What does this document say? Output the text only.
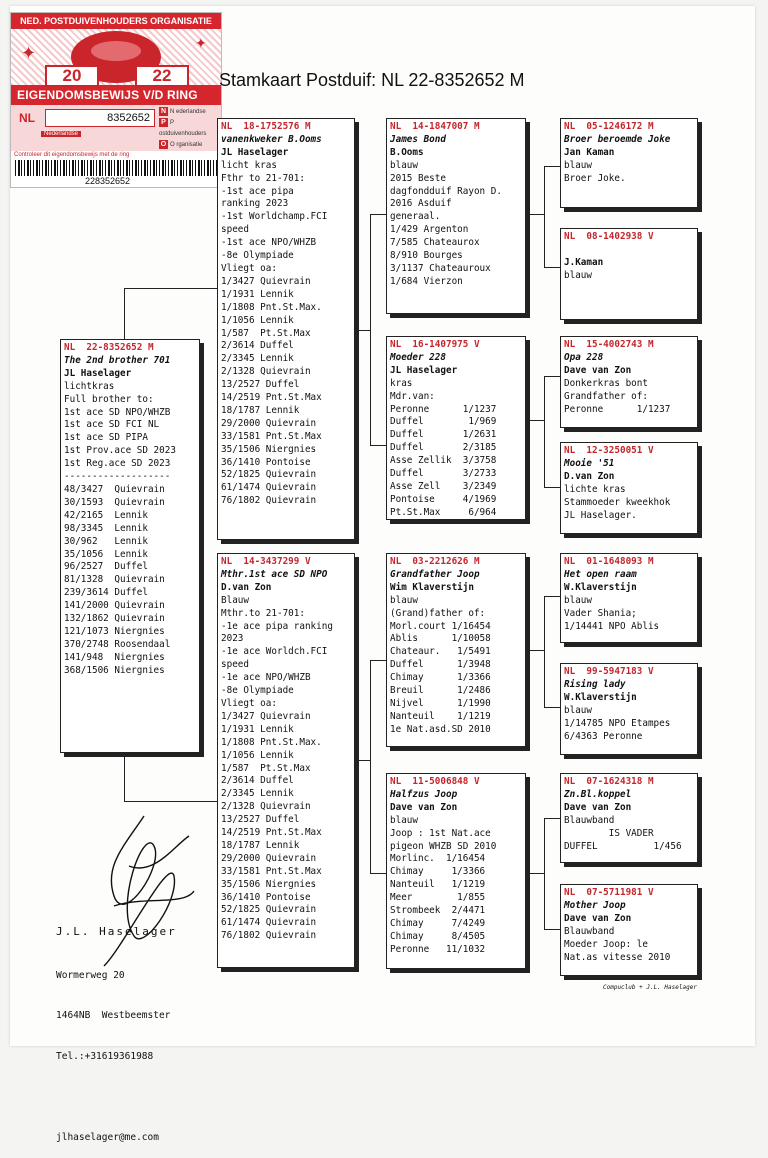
NED. POSTDUIVENHOUDERS ORGANISATIE
✦	✦
20	22
EIGENDOMSBEWIJS V/D RING
NL	8352652
Nederlandse
N N ederlandse
P P ostduivenhouders
O O rganisatie
Controleer dit eigendomsbewijs met de ring
228352652
Stamkaart Postduif: NL 22-8352652 M
NL  22-8352652 M
The 2nd brother 701
JL Haselager
lichtkras
Full brother to:
1st ace SD NPO/WHZB
1st ace SD FCI NL
1st ace SD PIPA
1st Prov.ace SD 2023
1st Reg.ace SD 2023
-------------------
48/3427  Quievrain
30/1593  Quievrain
42/2165  Lennik
98/3345  Lennik
30/962   Lennik
35/1056  Lennik
96/2527  Duffel
81/1328  Quievrain
239/3614 Duffel
141/2000 Quievrain
132/1862 Quievrain
121/1073 Niergnies
370/2748 Roosendaal
141/948  Niergnies
368/1506 Niergnies
NL  18-1752576 M
vanenkweker B.Ooms
JL Haselager
licht kras
Fthr to 21-701:
-1st ace pipa
ranking 2023
-1st Worldchamp.FCI
speed
-1st ace NPO/WHZB
-8e Olympiade
Vliegt oa:
1/3427 Quievrain
1/1931 Lennik
1/1808 Pnt.St.Max.
1/1056 Lennik
1/587  Pt.St.Max
2/3614 Duffel
2/3345 Lennik
2/1328 Quievrain
13/2527 Duffel
14/2519 Pnt.St.Max
18/1787 Lennik
29/2000 Quievrain
33/1581 Pnt.St.Max
35/1506 Niergnies
36/1410 Pontoise
52/1825 Quievrain
61/1474 Quievrain
76/1802 Quievrain
NL  14-3437299 V
Mthr.1st ace SD NPO
D.van Zon
Blauw
Mthr.to 21-701:
-1e ace pipa ranking
2023
-1e ace Worldch.FCI
speed
-1e ace NPO/WHZB
-8e Olympiade
Vliegt oa:
1/3427 Quievrain
1/1931 Lennik
1/1808 Pnt.St.Max.
1/1056 Lennik
1/587  Pt.St.Max
2/3614 Duffel
2/3345 Lennik
2/1328 Quievrain
13/2527 Duffel
14/2519 Pnt.St.Max
18/1787 Lennik
29/2000 Quievrain
33/1581 Pnt.St.Max
35/1506 Niergnies
36/1410 Pontoise
52/1825 Quievrain
61/1474 Quievrain
76/1802 Quievrain
NL  14-1847007 M
James Bond
B.Ooms
blauw
2015 Beste
dagfondduif Rayon D.
2016 Asduif
generaal.
1/429 Argenton
7/585 Chateaurox
8/910 Bourges
3/1137 Chateauroux
1/684 Vierzon
NL  16-1407975 V
Moeder 228
JL Haselager
kras
Mdr.van:
Peronne      1/1237
Duffel        1/969
Duffel       1/2631
Duffel       2/3185
Asse Zellik  3/3758
Duffel       3/2733
Asse Zell    3/2349
Pontoise     4/1969
Pt.St.Max     6/964
NL  03-2212626 M
Grandfather Joop
Wim Klaverstijn
blauw
(Grand)father of:
Morl.court 1/16454
Ablis      1/10058
Chateaur.   1/5491
Duffel      1/3948
Chimay      1/3366
Breuil      1/2486
Nijvel      1/1990
Nanteuil    1/1219
1e Nat.asd.SD 2010
NL  11-5006848 V
Halfzus Joop
Dave van Zon
blauw
Joop : 1st Nat.ace
pigeon WHZB SD 2010
Morlinc.  1/16454
Chimay     1/3366
Nanteuil   1/1219
Meer        1/855
Strombeek  2/4471
Chimay     7/4249
Chimay     8/4505
Peronne   11/1032
NL  05-1246172 M
Broer beroemde Joke
Jan Kaman
blauw
Broer Joke.
NL  08-1402938 V

J.Kaman
blauw
NL  15-4002743 M
Opa 228
Dave van Zon
Donkerkras bont
Grandfather of:
Peronne      1/1237
NL  12-3250051 V
Mooie '51
D.van Zon
lichte kras
Stammoeder kweekhok
JL Haselager.
NL  01-1648093 M
Het open raam
W.Klaverstijn
blauw
Vader Shania;
1/14441 NPO Ablis
NL  99-5947183 V
Rising lady
W.Klaverstijn
blauw
1/14785 NPO Etampes
6/4363 Peronne
NL  07-1624318 M
Zn.Bl.koppel
Dave van Zon
Blauwband
IS VADER
DUFFEL          1/456
NL  07-5711981 V
Mother Joop
Dave van Zon
Blauwband
Moeder Joop: le
Nat.as vitesse 2010

J.L. Haselager

Wormerweg 20

1464NB  Westbeemster

Tel.:+31619361988

jlhaselager@me.com

Compuclub + J.L. Haselager
